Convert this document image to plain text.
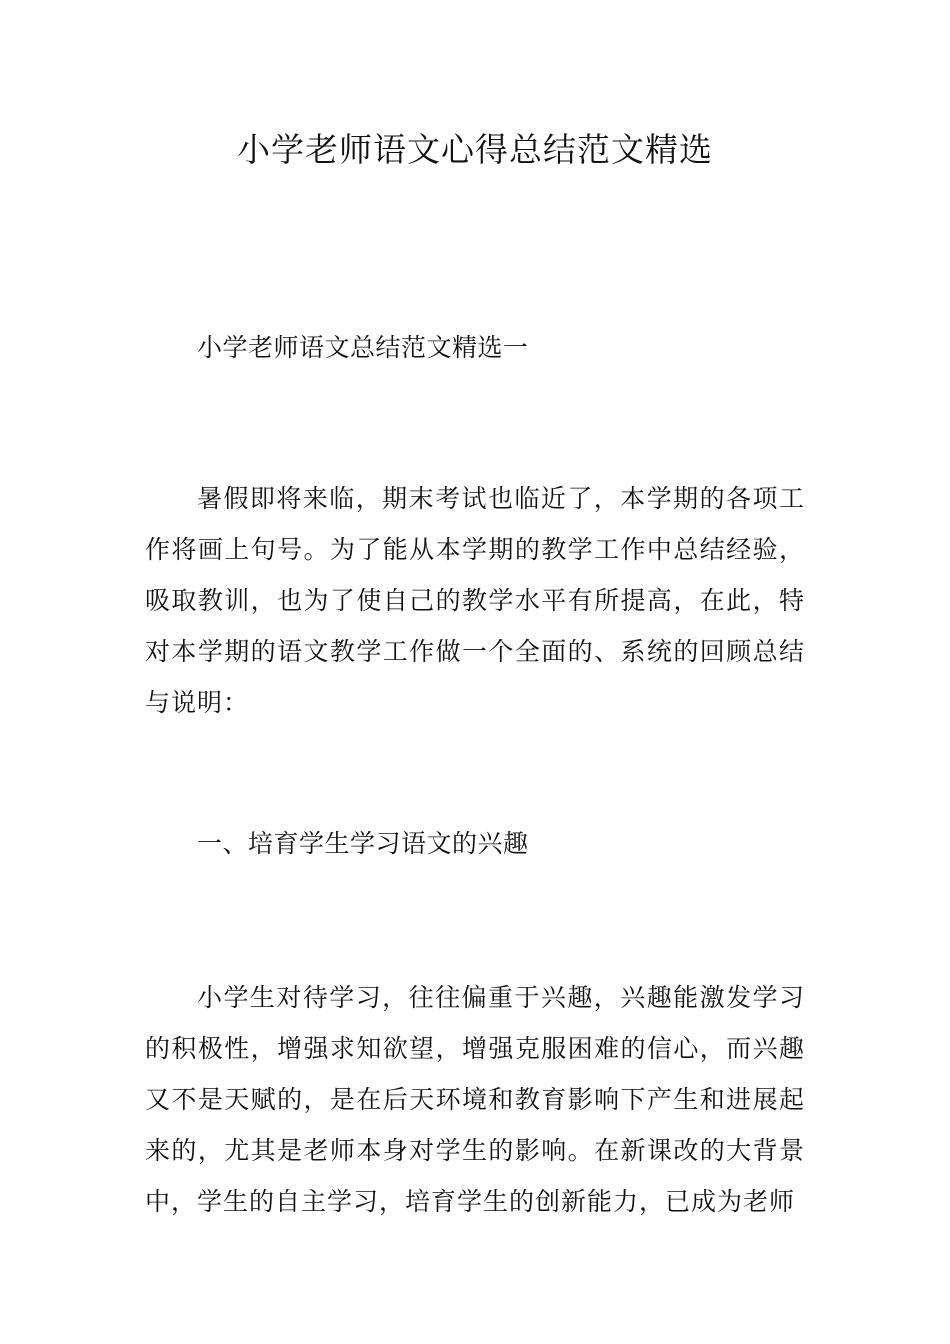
小学老师语文心得总结范文精选

小学老师语文总结范文精选一

暑假即将来临，期末考试也临近了，本学期的各项工作将画上句号。为了能从本学期的教学工作中总结经验，吸取教训，也为了使自己的教学水平有所提高，在此，特对本学期的语文教学工作做一个全面的、系统的回顾总结与说明：

一、培育学生学习语文的兴趣

小学生对待学习，往往偏重于兴趣，兴趣能激发学习的积极性，增强求知欲望，增强克服困难的信心，而兴趣又不是天赋的，是在后天环境和教育影响下产生和进展起来的，尤其是老师本身对学生的影响。在新课改的大背景中，学生的自主学习，培育学生的创新能力，已成为老师
